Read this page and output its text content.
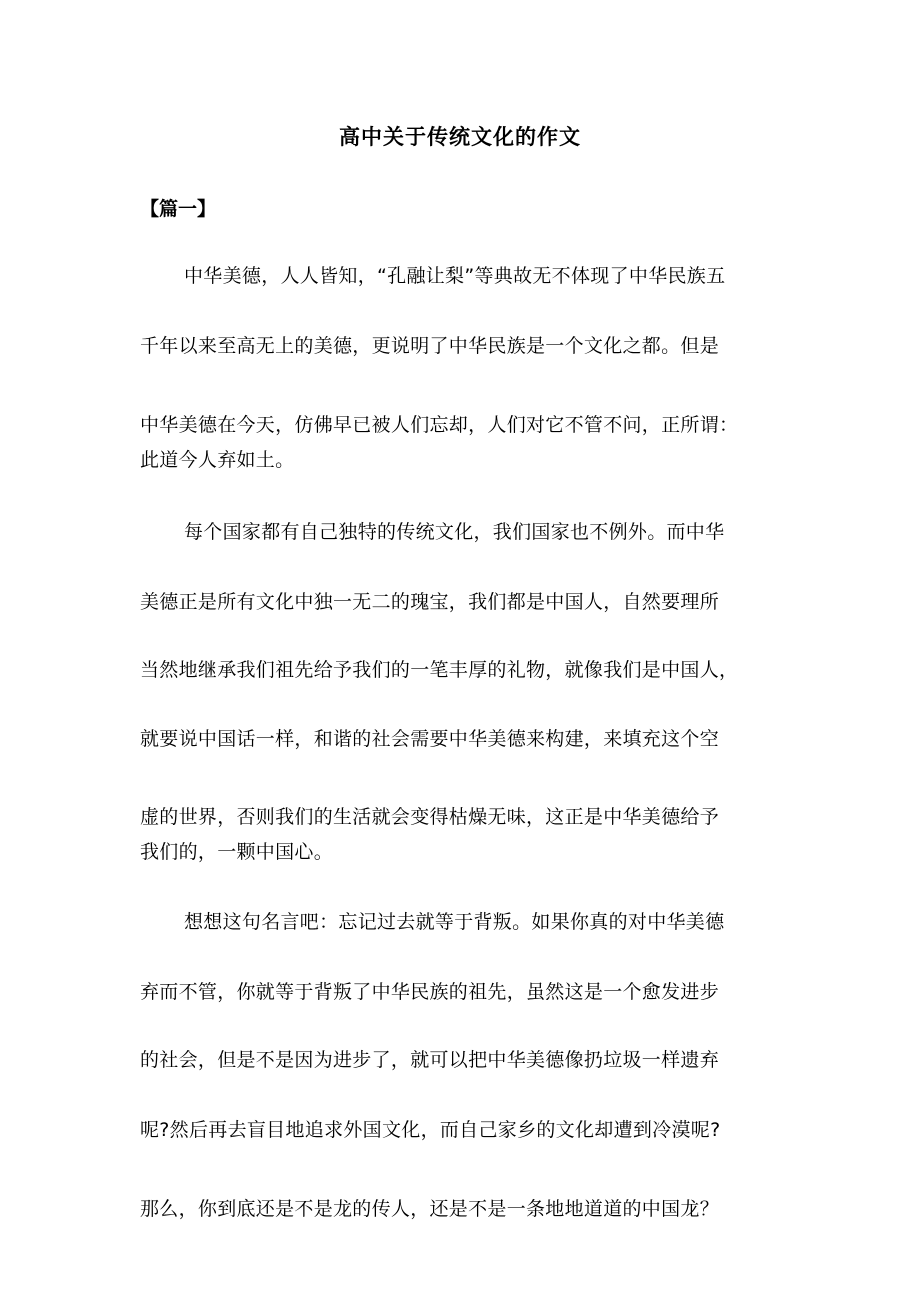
高中关于传统文化的作文
【篇一】
中华美德，人人皆知，“孔融让梨”等典故无不体现了中华民族五
千年以来至高无上的美德，更说明了中华民族是一个文化之都。但是
中华美德在今天，仿佛早已被人们忘却，人们对它不管不问，正所谓：
此道今人弃如土。
每个国家都有自己独特的传统文化，我们国家也不例外。而中华
美德正是所有文化中独一无二的瑰宝，我们都是中国人，自然要理所
当然地继承我们祖先给予我们的一笔丰厚的礼物，就像我们是中国人，
就要说中国话一样，和谐的社会需要中华美德来构建，来填充这个空
虚的世界，否则我们的生活就会变得枯燥无味，这正是中华美德给予
我们的，一颗中国心。
想想这句名言吧：忘记过去就等于背叛。如果你真的对中华美德
弃而不管，你就等于背叛了中华民族的祖先，虽然这是一个愈发进步
的社会，但是不是因为进步了，就可以把中华美德像扔垃圾一样遗弃
呢?然后再去盲目地追求外国文化，而自己家乡的文化却遭到冷漠呢?
那么，你到底还是不是龙的传人，还是不是一条地地道道的中国龙？
